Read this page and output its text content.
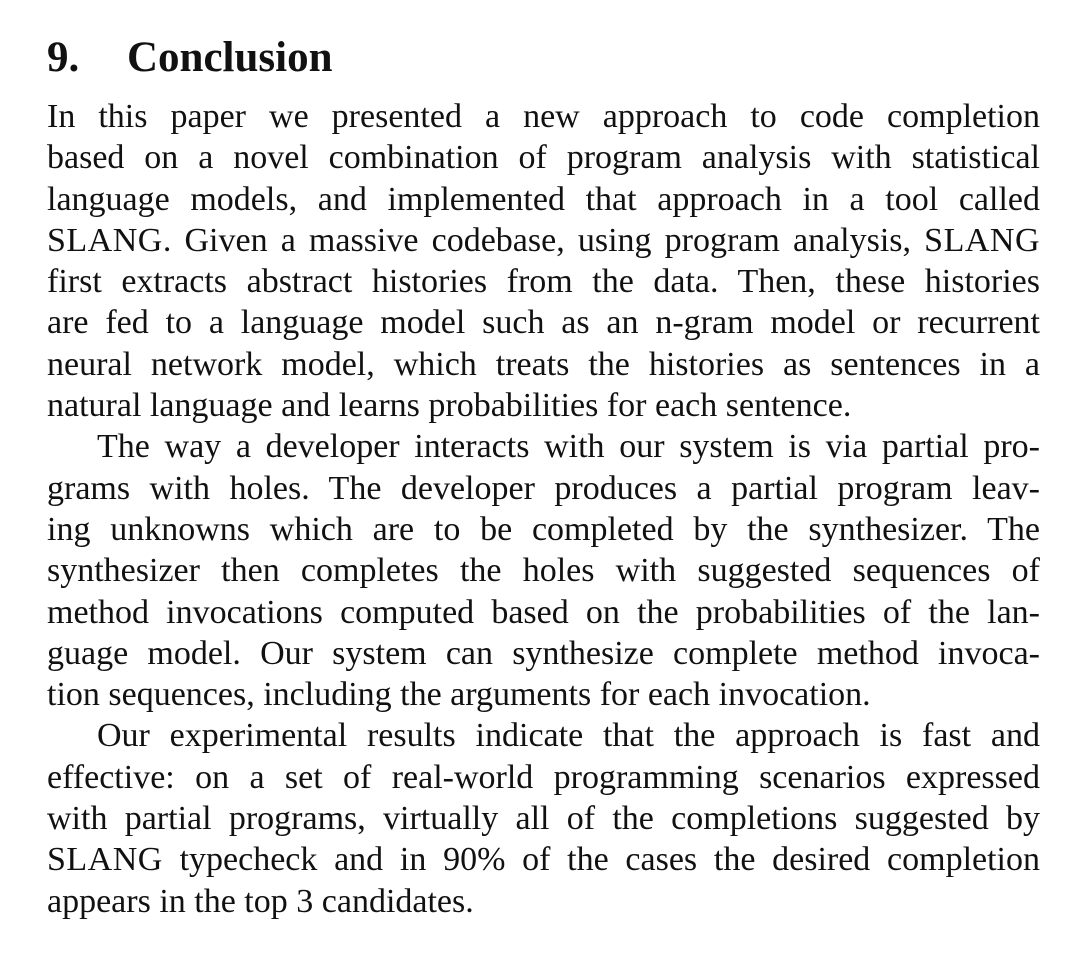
9.	Conclusion

In this paper we presented a new approach to code completion
based on a novel combination of program analysis with statistical
language models, and implemented that approach in a tool called
SLANG. Given a massive codebase, using program analysis, SLANG
first extracts abstract histories from the data. Then, these histories
are fed to a language model such as an n-gram model or recurrent
neural network model, which treats the histories as sentences in a
natural language and learns probabilities for each sentence.

The way a developer interacts with our system is via partial pro-
grams with holes. The developer produces a partial program leav-
ing unknowns which are to be completed by the synthesizer. The
synthesizer then completes the holes with suggested sequences of
method invocations computed based on the probabilities of the lan-
guage model. Our system can synthesize complete method invoca-
tion sequences, including the arguments for each invocation.

Our experimental results indicate that the approach is fast and
effective: on a set of real-world programming scenarios expressed
with partial programs, virtually all of the completions suggested by
SLANG typecheck and in 90% of the cases the desired completion
appears in the top 3 candidates.
